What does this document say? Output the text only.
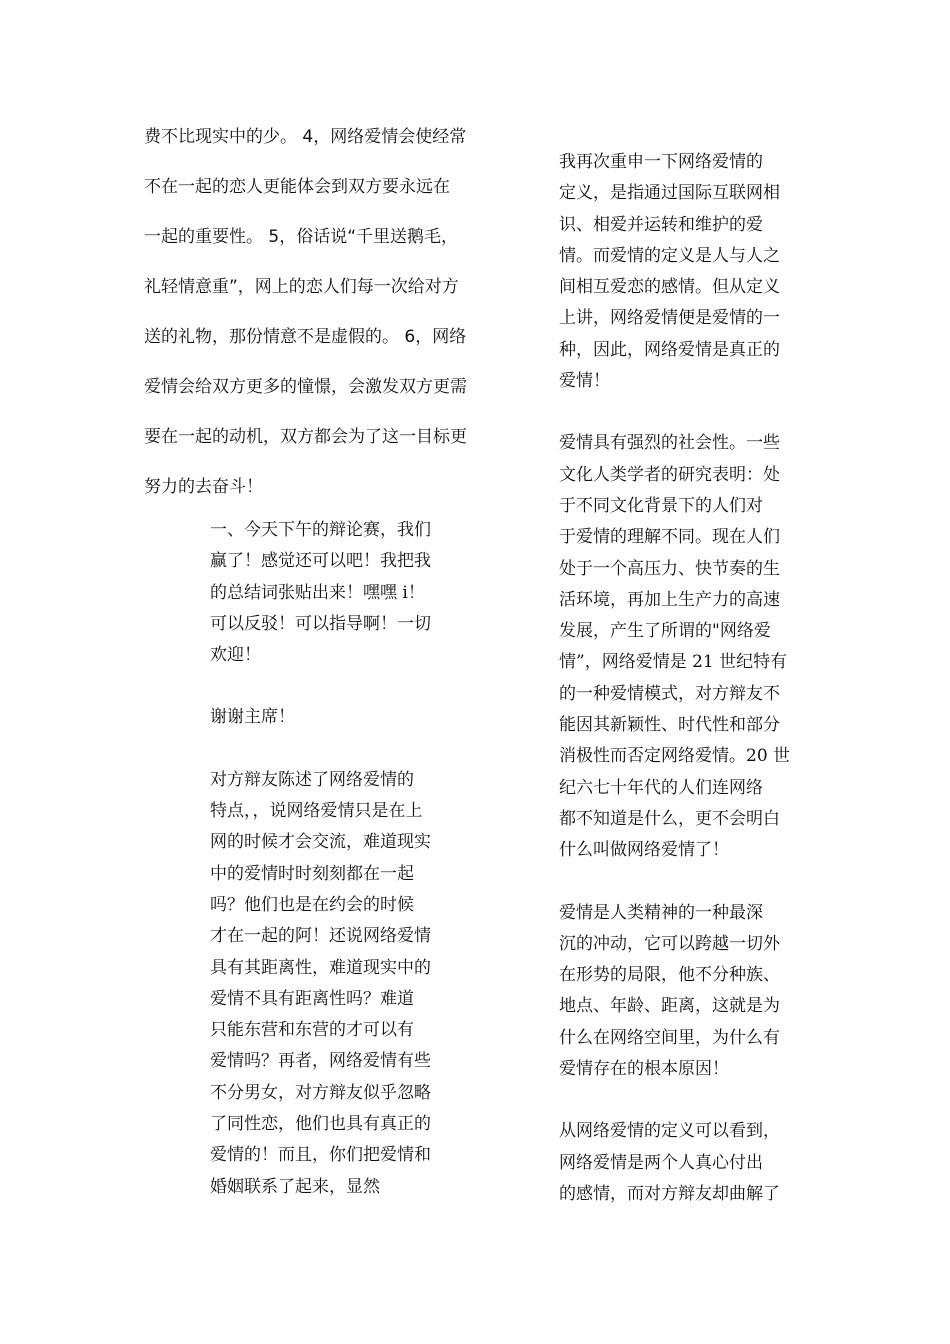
费不比现实中的少。 4，网络爱情会使经常
不在一起的恋人更能体会到双方要永远在
一起的重要性。 5，俗话说“千里送鹅毛，
礼轻情意重”，网上的恋人们每一次给对方
送的礼物，那份情意不是虚假的。 6，网络
爱情会给双方更多的憧憬，会激发双方更需
要在一起的动机，双方都会为了这一目标更
努力的去奋斗！

一、今天下午的辩论赛，我们
赢了！感觉还可以吧！我把我
的总结词张贴出来！嘿嘿 i！
可以反驳！可以指导啊！一切
欢迎！

谢谢主席！

对方辩友陈述了网络爱情的
特点，，说网络爱情只是在上
网的时候才会交流，难道现实
中的爱情时时刻刻都在一起
吗？他们也是在约会的时候
才在一起的阿！还说网络爱情
具有其距离性，难道现实中的
爱情不具有距离性吗？难道
只能东营和东营的才可以有
爱情吗？再者，网络爱情有些
不分男女，对方辩友似乎忽略
了同性恋，他们也具有真正的
爱情的！而且，你们把爱情和
婚姻联系了起来，显然

我再次重申一下网络爱情的
定义，是指通过国际互联网相
识、相爱并运转和维护的爱
情。而爱情的定义是人与人之
间相互爱恋的感情。但从定义
上讲，网络爱情便是爱情的一
种，因此，网络爱情是真正的
爱情！

爱情具有强烈的社会性。一些
文化人类学者的研究表明：处
于不同文化背景下的人们对
于爱情的理解不同。现在人们
处于一个高压力、快节奏的生
活环境，再加上生产力的高速
发展，产生了所谓的"网络爱
情”，网络爱情是 21 世纪特有
的一种爱情模式，对方辩友不
能因其新颖性、时代性和部分
消极性而否定网络爱情。20 世
纪六七十年代的人们连网络
都不知道是什么，更不会明白
什么叫做网络爱情了！

爱情是人类精神的一种最深
沉的冲动，它可以跨越一切外
在形势的局限，他不分种族、
地点、年龄、距离，这就是为
什么在网络空间里，为什么有
爱情存在的根本原因！

从网络爱情的定义可以看到，
网络爱情是两个人真心付出
的感情，而对方辩友却曲解了
